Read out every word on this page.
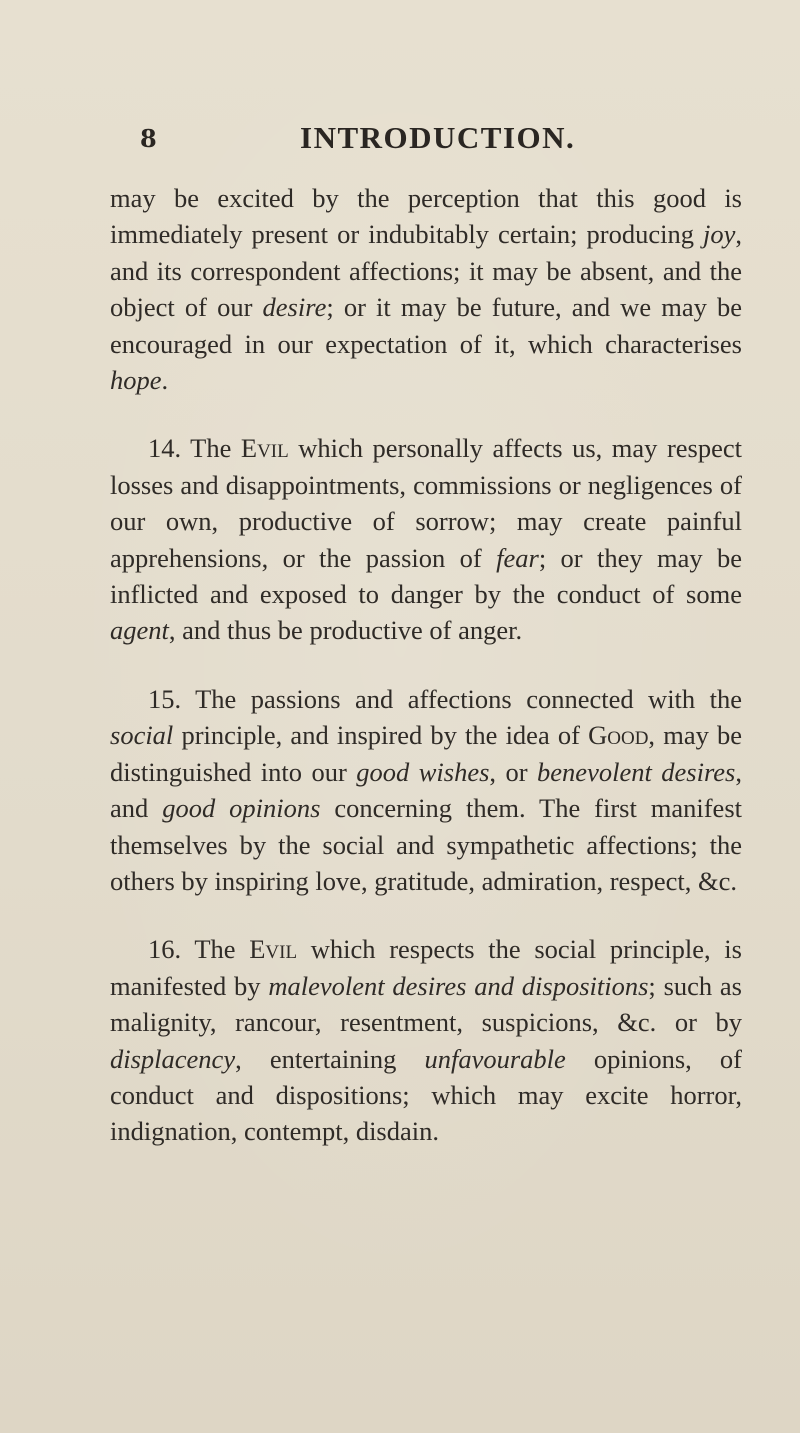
8	INTRODUCTION.

may be excited by the perception that this good is immediately present or indubitably certain; producing joy, and its correspondent affections; it may be absent, and the object of our desire; or it may be future, and we may be encouraged in our expectation of it, which characterises hope.

14. The Evil which personally affects us, may respect losses and disappointments, commissions or negligences of our own, productive of sorrow; may create painful apprehensions, or the passion of fear; or they may be inflicted and exposed to danger by the conduct of some agent, and thus be productive of anger.

15. The passions and affections connected with the social principle, and inspired by the idea of Good, may be distinguished into our good wishes, or benevolent desires, and good opinions concerning them. The first manifest themselves by the social and sympathetic affections; the others by inspiring love, gratitude, admiration, respect, &c.

16. The Evil which respects the social principle, is manifested by malevolent desires and dispositions; such as malignity, rancour, resentment, suspicions, &c. or by displacency, entertaining unfavourable opinions, of conduct and dispositions; which may excite horror, indignation, contempt, disdain.
